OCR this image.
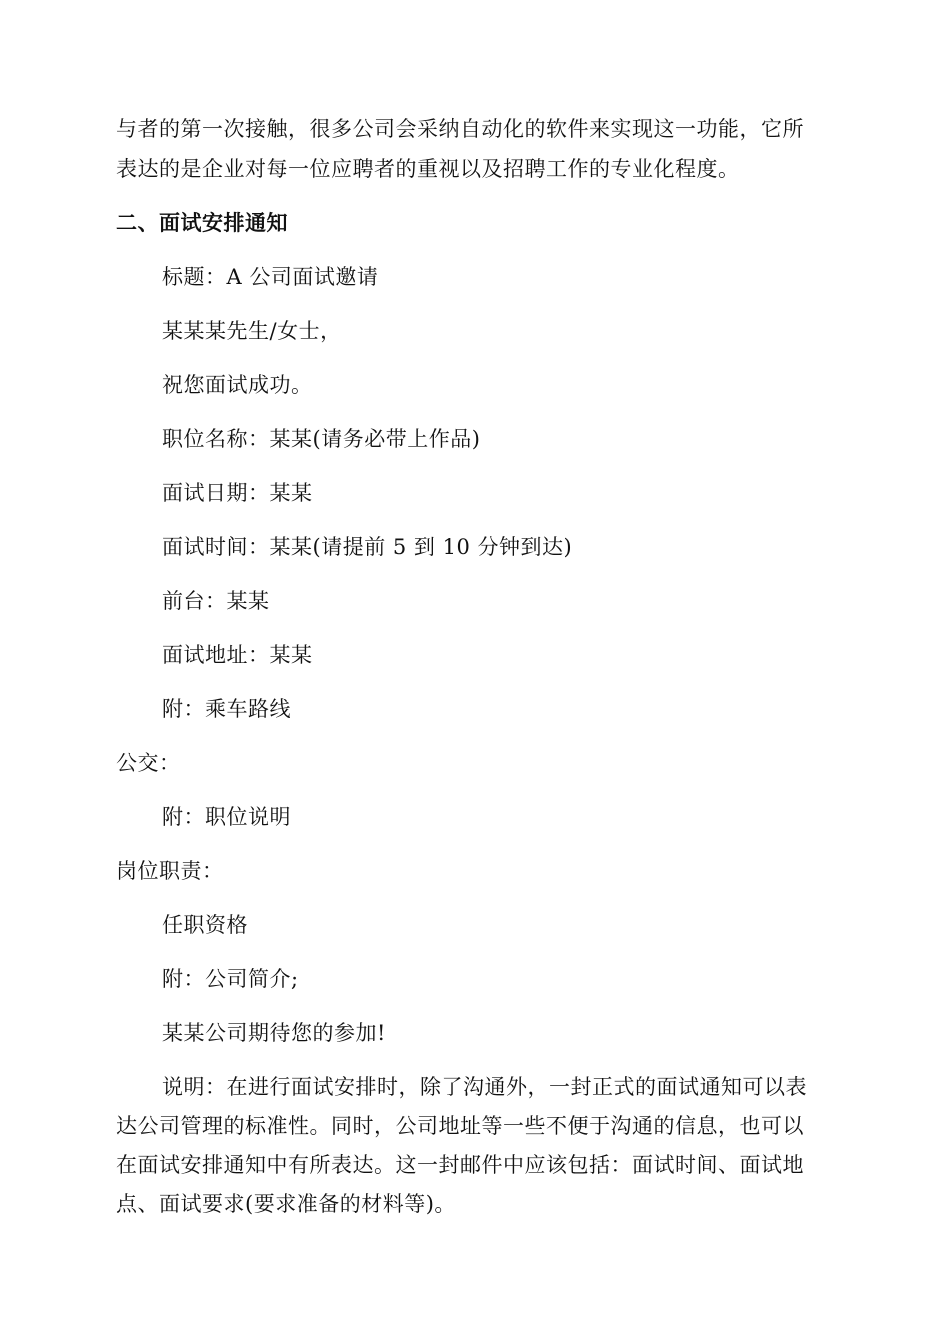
与者的第一次接触，很多公司会采纳自动化的软件来实现这一功能，它所
表达的是企业对每一位应聘者的重视以及招聘工作的专业化程度。
二、面试安排通知
标题：A 公司面试邀请
某某某先生/女士，
祝您面试成功。
职位名称：某某(请务必带上作品)
面试日期：某某
面试时间：某某(请提前 5 到 10 分钟到达)
前台：某某
面试地址：某某
附：乘车路线
公交：
附：职位说明
岗位职责：
任职资格
附：公司简介;
某某公司期待您的参加!
说明：在进行面试安排时，除了沟通外，一封正式的面试通知可以表
达公司管理的标准性。同时，公司地址等一些不便于沟通的信息，也可以
在面试安排通知中有所表达。这一封邮件中应该包括：面试时间、面试地
点、面试要求(要求准备的材料等)。
